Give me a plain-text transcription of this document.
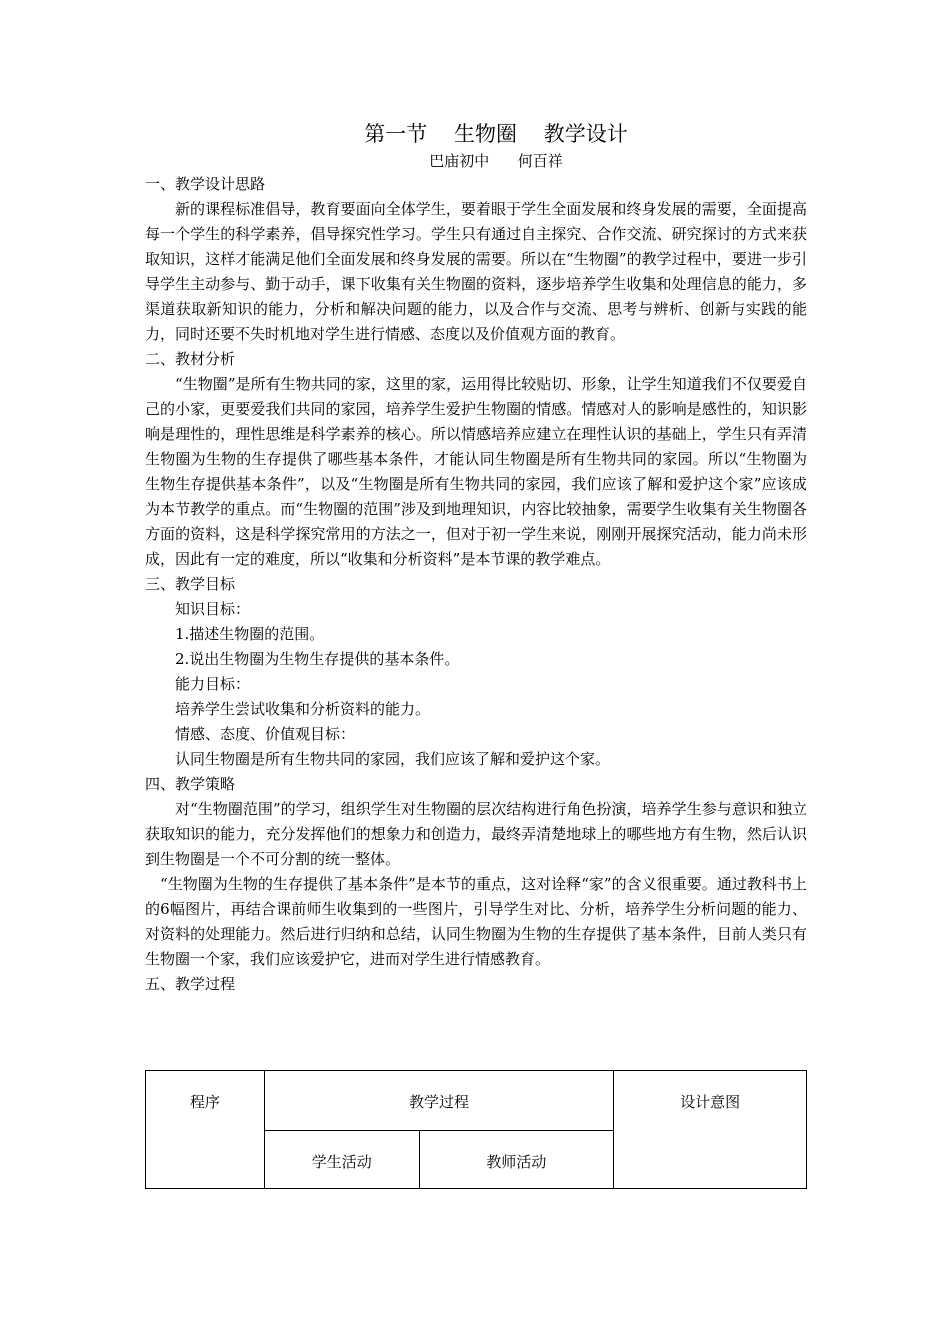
第一节    生物圈    教学设计
巴庙初中      何百祥

一、教学设计思路

新的课程标准倡导，教育要面向全体学生，要着眼于学生全面发展和终身发展的需要，全面提高每一个学生的科学素养，倡导探究性学习。学生只有通过自主探究、合作交流、研究探讨的方式来获取知识，这样才能满足他们全面发展和终身发展的需要。所以在“生物圈”的教学过程中，要进一步引导学生主动参与、勤于动手，课下收集有关生物圈的资料，逐步培养学生收集和处理信息的能力，多渠道获取新知识的能力，分析和解决问题的能力，以及合作与交流、思考与辨析、创新与实践的能力，同时还要不失时机地对学生进行情感、态度以及价值观方面的教育。

二、教材分析

“生物圈”是所有生物共同的家，这里的家，运用得比较贴切、形象，让学生知道我们不仅要爱自己的小家，更要爱我们共同的家园，培养学生爱护生物圈的情感。情感对人的影响是感性的，知识影响是理性的，理性思维是科学素养的核心。所以情感培养应建立在理性认识的基础上，学生只有弄清生物圈为生物的生存提供了哪些基本条件，才能认同生物圈是所有生物共同的家园。所以“生物圈为生物生存提供基本条件”，以及“生物圈是所有生物共同的家园，我们应该了解和爱护这个家”应该成为本节教学的重点。而“生物圈的范围”涉及到地理知识，内容比较抽象，需要学生收集有关生物圈各方面的资料，这是科学探究常用的方法之一，但对于初一学生来说，刚刚开展探究活动，能力尚未形成，因此有一定的难度，所以“收集和分析资料”是本节课的教学难点。

三、教学目标

知识目标：

1.描述生物圈的范围。

2.说出生物圈为生物生存提供的基本条件。

能力目标：

培养学生尝试收集和分析资料的能力。

情感、态度、价值观目标：

认同生物圈是所有生物共同的家园，我们应该了解和爱护这个家。

四、教学策略

对“生物圈范围”的学习，组织学生对生物圈的层次结构进行角色扮演，培养学生参与意识和独立获取知识的能力，充分发挥他们的想象力和创造力，最终弄清楚地球上的哪些地方有生物，然后认识到生物圈是一个不可分割的统一整体。

“生物圈为生物的生存提供了基本条件”是本节的重点，这对诠释“家”的含义很重要。通过教科书上的6幅图片，再结合课前师生收集到的一些图片，引导学生对比、分析，培养学生分析问题的能力、对资料的处理能力。然后进行归纳和总结，认同生物圈为生物的生存提供了基本条件，目前人类只有生物圈一个家，我们应该爱护它，进而对学生进行情感教育。

五、教学过程

程序	教学过程		设计意图

	学生活动	教师活动	
